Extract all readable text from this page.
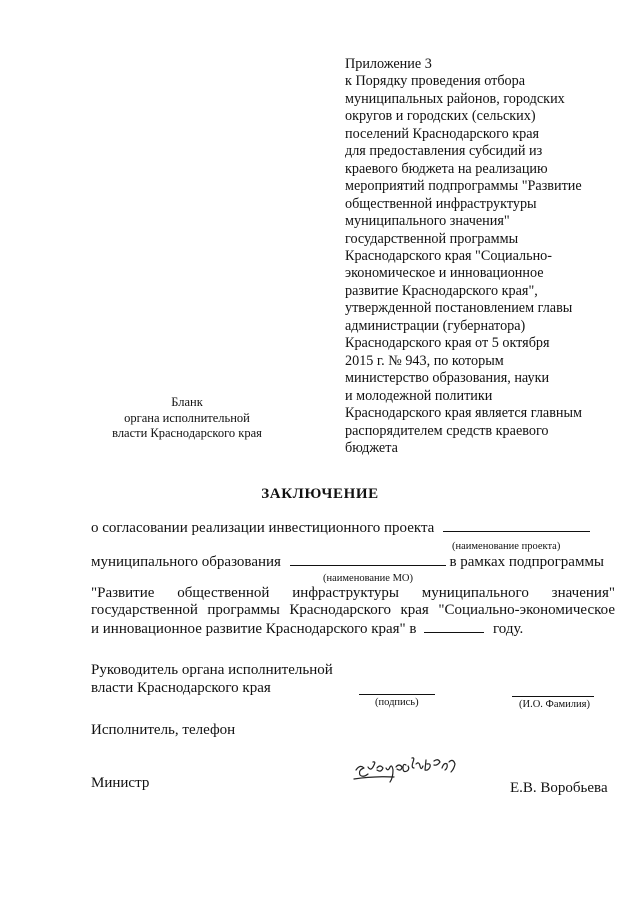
Приложение 3
к Порядку проведения отбора
муниципальных районов, городских
округов и городских (сельских)
поселений Краснодарского края
для предоставления субсидий из
краевого бюджета на реализацию
мероприятий подпрограммы "Развитие
общественной инфраструктуры
муниципального значения"
государственной программы
Краснодарского края "Социально-
экономическое и инновационное
развитие Краснодарского края",
утвержденной постановлением главы
администрации (губернатора)
Краснодарского края от 5 октября
2015 г. № 943, по которым
министерство образования, науки
и молодежной политики
Краснодарского края является главным
распорядителем средств краевого
бюджета
Бланк
органа исполнительной
власти Краснодарского края
ЗАКЛЮЧЕНИЕ
о согласовании реализации инвестиционного проекта
(наименование проекта)
муниципального образования	в рамках подпрограммы
(наименование МО)
"Развитие общественной инфраструктуры муниципального значения"
государственной программы Краснодарского края "Социально-экономическое
и инновационное развитие Краснодарского края" в	году.
Руководитель органа исполнительной
власти Краснодарского края
(подпись)	(И.О. Фамилия)
Исполнитель, телефон
Министр	Е.В. Воробьева
